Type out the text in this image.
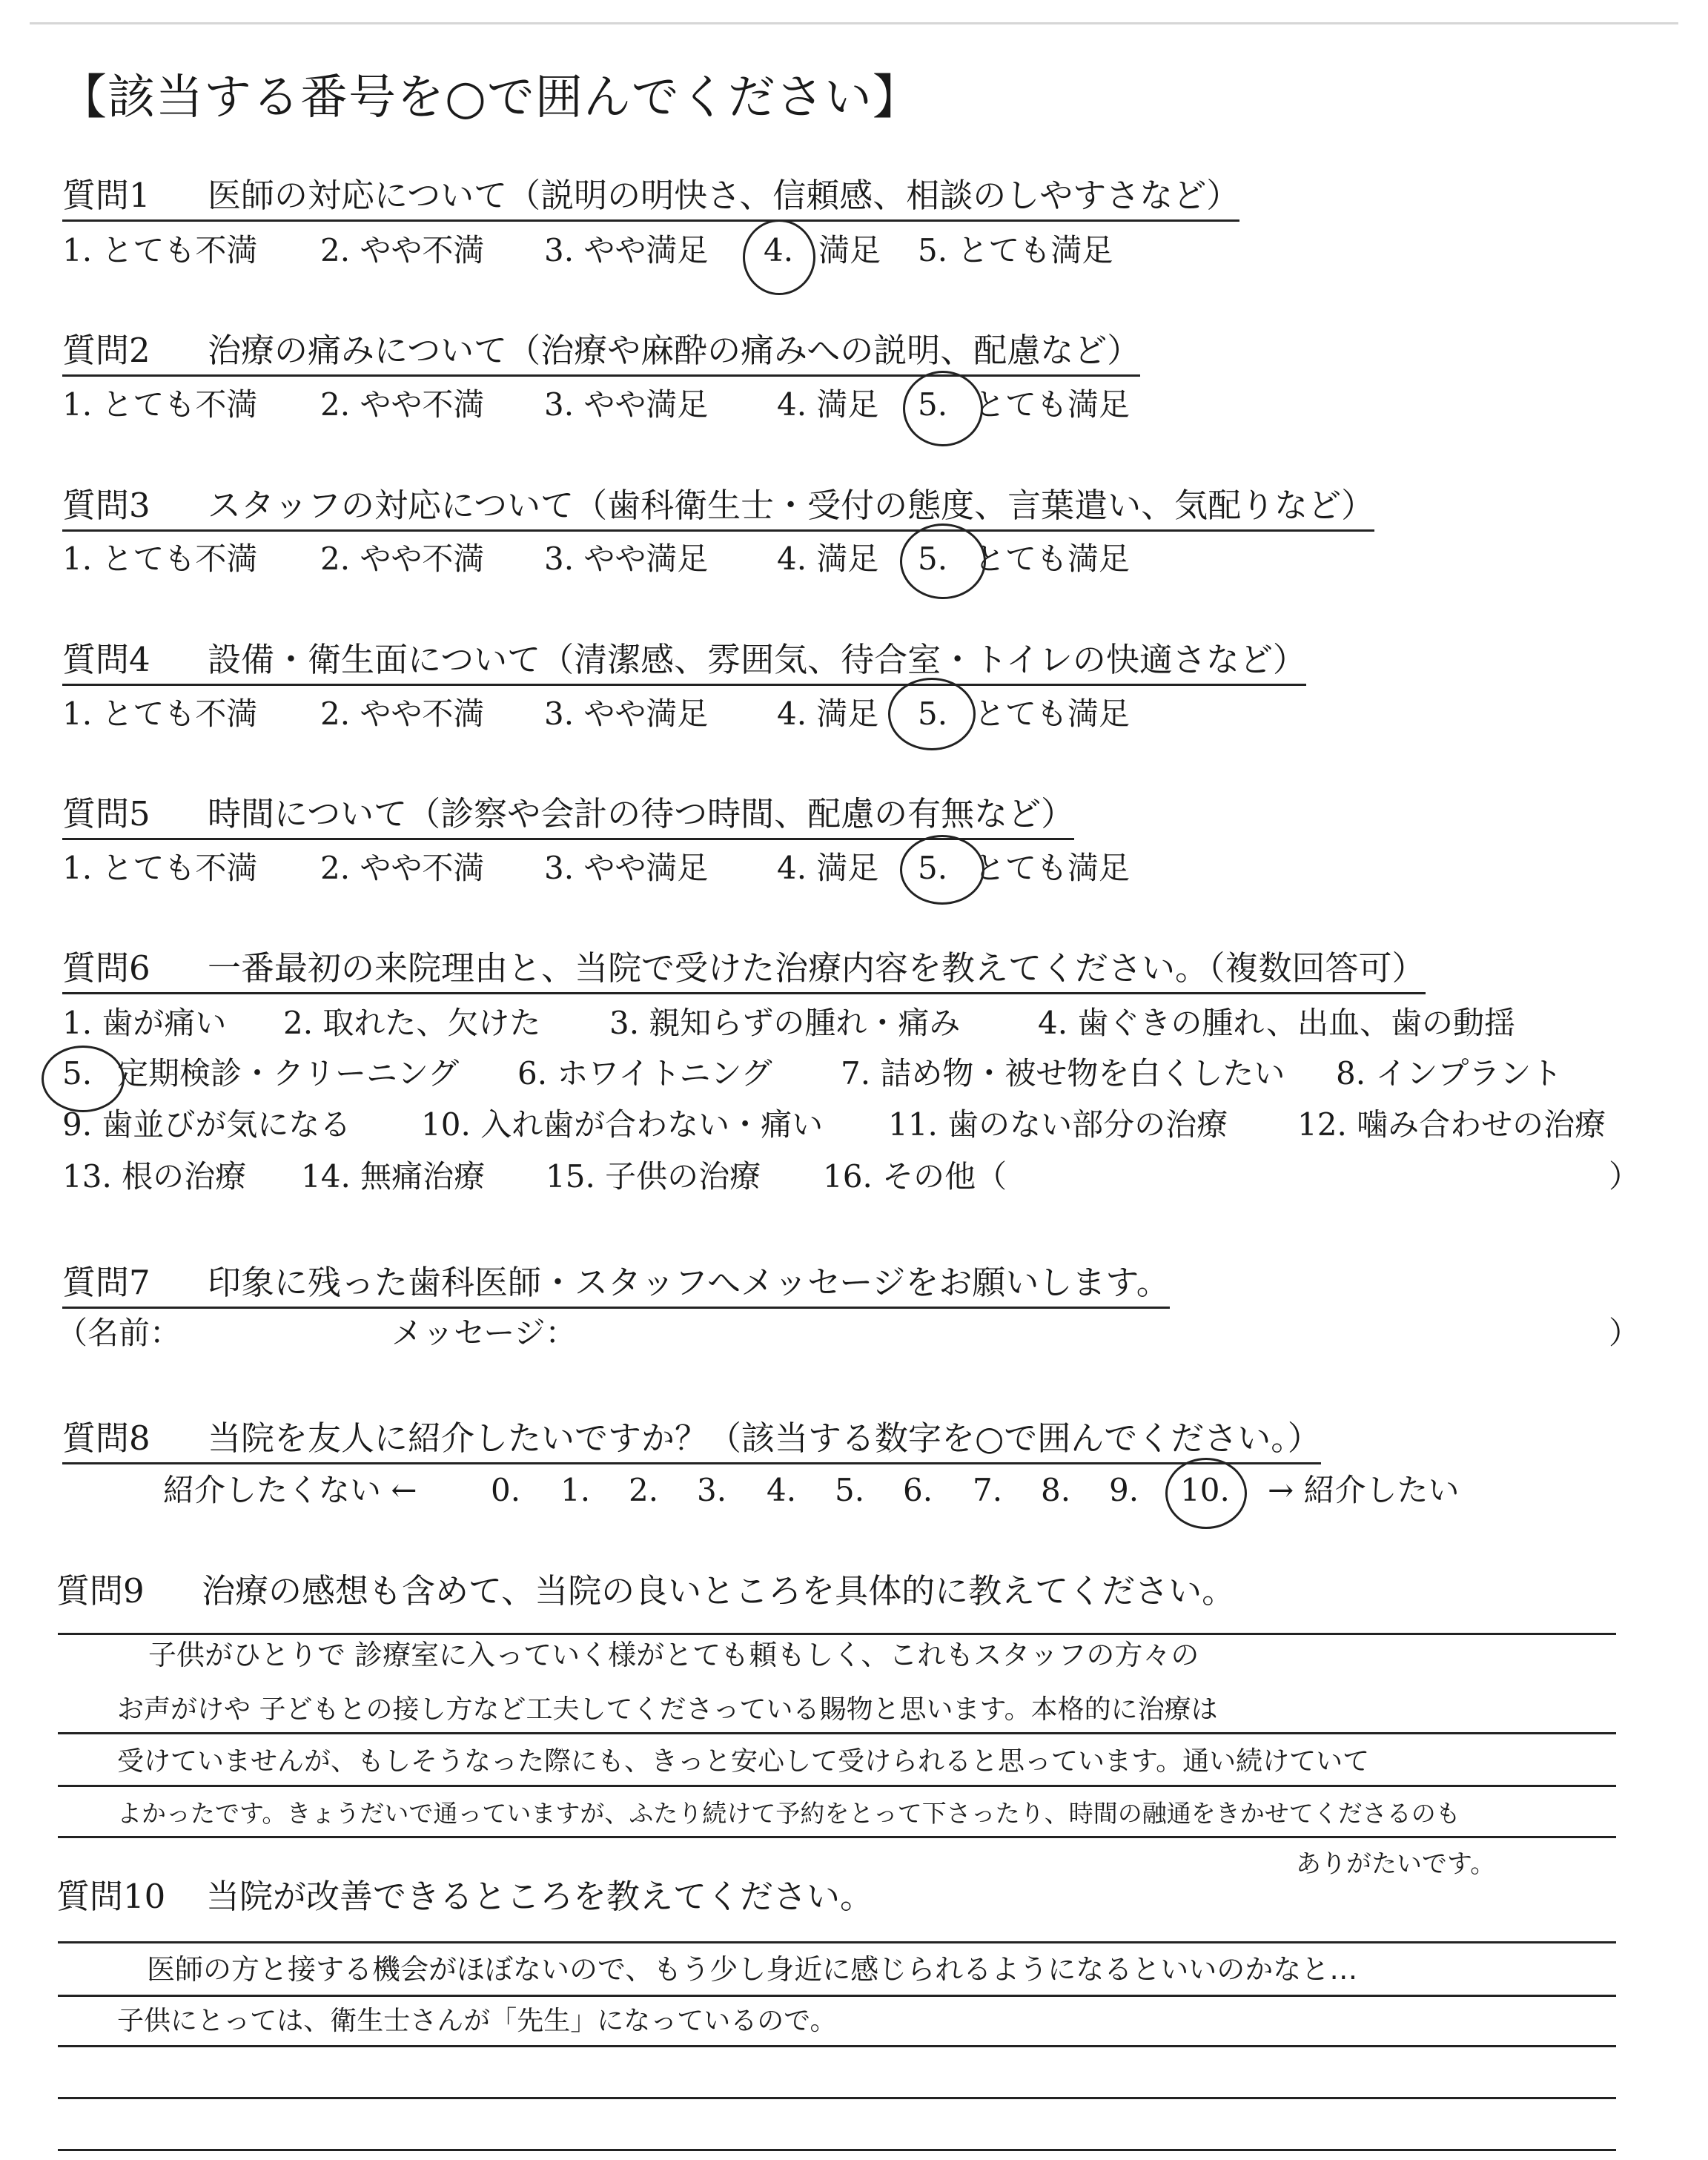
【該当する番号を○で囲んでください】
質問1 医師の対応について（説明の明快さ、信頼感、相談のしやすさなど）
1. とても不満 2. やや不満 3. やや満足 4. 満足 5. とても満足
質問2 治療の痛みについて（治療や麻酔の痛みへの説明、配慮など）
1. とても不満 2. やや不満 3. やや満足 4. 満足 5. とても満足
質問3 スタッフの対応について（歯科衛生士・受付の態度、言葉遣い、気配りなど）
1. とても不満 2. やや不満 3. やや満足 4. 満足 5. とても満足
質問4 設備・衛生面について（清潔感、雰囲気、待合室・トイレの快適さなど）
1. とても不満 2. やや不満 3. やや満足 4. 満足 5. とても満足
質問5 時間について（診察や会計の待つ時間、配慮の有無など）
1. とても不満 2. やや不満 3. やや満足 4. 満足 5. とても満足
質問6 一番最初の来院理由と、当院で受けた治療内容を教えてください。（複数回答可）
1. 歯が痛い 2. 取れた、欠けた 3. 親知らずの腫れ・痛み 4. 歯ぐきの腫れ、出血、歯の動揺
5. 定期検診・クリーニング 6. ホワイトニング 7. 詰め物・被せ物を白くしたい 8. インプラント
9. 歯並びが気になる 10. 入れ歯が合わない・痛い 11. 歯のない部分の治療 12. 噛み合わせの治療
13. 根の治療 14. 無痛治療 15. 子供の治療 16. その他（	）
質問7 印象に残った歯科医師・スタッフへメッセージをお願いします。
（名前：	メッセージ：	）
質問8 当院を友人に紹介したいですか？（該当する数字を○で囲んでください。）
紹介したくない ← 0. 1. 2. 3. 4. 5. 6. 7. 8. 9. 10. → 紹介したい
質問9 治療の感想も含めて、当院の良いところを具体的に教えてください。
子供がひとりで 診療室に入っていく様がとても頼もしく、これもスタッフの方々の
お声がけや 子どもとの接し方など工夫してくださっている賜物と思います。本格的に治療は
受けていませんが、もしそうなった際にも、きっと安心して受けられると思っています。通い続けていて
よかったです。きょうだいで通っていますが、ふたり続けて予約をとって下さったり、時間の融通をきかせてくださるのも
ありがたいです。
質問10 当院が改善できるところを教えてください。
医師の方と接する機会がほぼないので、もう少し身近に感じられるようになるといいのかなと…
子供にとっては、衛生士さんが「先生」になっているので。
